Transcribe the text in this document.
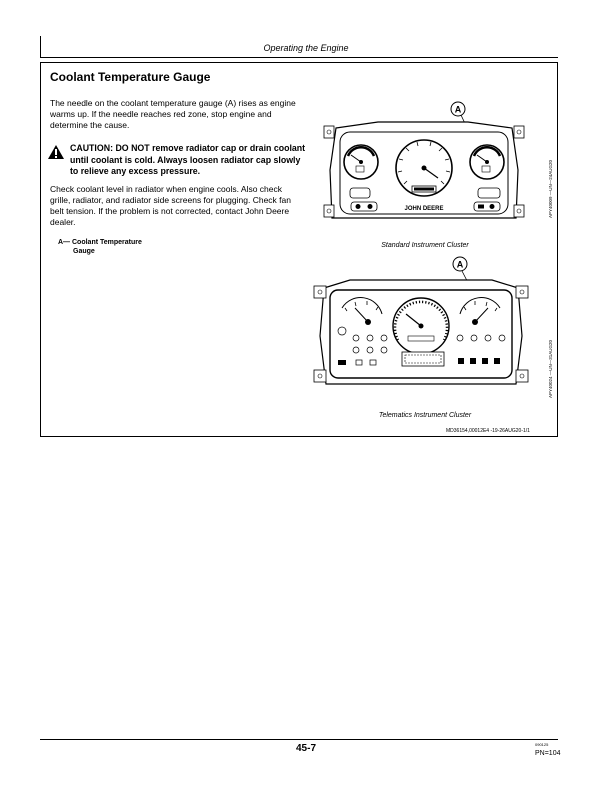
Operating the Engine
Coolant Temperature Gauge
The needle on the coolant temperature gauge (A) rises as engine warms up. If the needle reaches red zone, stop engine and determine the cause.
CAUTION: DO NOT remove radiator cap or drain coolant until coolant is cold. Always loosen radiator cap slowly to relieve any excess pressure.
Check coolant level in radiator when engine cools. Also check grille, radiator, and radiator side screens for plugging. Check fan belt tension. If the problem is not corrected, contact John Deere dealer.
A— Coolant Temperature
Gauge
A
JOHN DEERE
Standard Instrument Cluster
APY40009 —UN—24AUG20
A
Telematics Instrument Cluster
APY40024 —UN—31AUG20
MD36154,00012E4 -19-26AUG20-1/1
45-7	090125
PN=104
